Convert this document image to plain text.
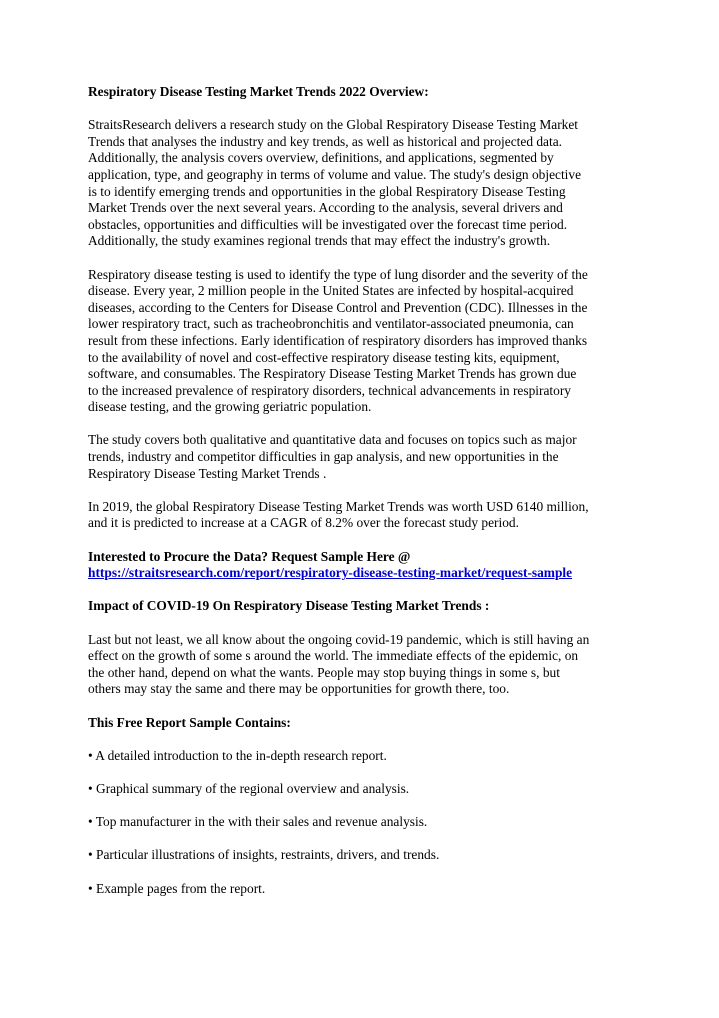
Respiratory Disease Testing Market Trends 2022 Overview:
StraitsResearch delivers a research study on the Global Respiratory Disease Testing Market
Trends that analyses the industry and key trends, as well as historical and projected data.
Additionally, the analysis covers overview, definitions, and applications, segmented by
application, type, and geography in terms of volume and value. The study's design objective
is to identify emerging trends and opportunities in the global Respiratory Disease Testing
Market Trends over the next several years. According to the analysis, several drivers and
obstacles, opportunities and difficulties will be investigated over the forecast time period.
Additionally, the study examines regional trends that may effect the industry's growth.
Respiratory disease testing is used to identify the type of lung disorder and the severity of the
disease. Every year, 2 million people in the United States are infected by hospital-acquired
diseases, according to the Centers for Disease Control and Prevention (CDC). Illnesses in the
lower respiratory tract, such as tracheobronchitis and ventilator-associated pneumonia, can
result from these infections. Early identification of respiratory disorders has improved thanks
to the availability of novel and cost-effective respiratory disease testing kits, equipment,
software, and consumables. The Respiratory Disease Testing Market Trends has grown due
to the increased prevalence of respiratory disorders, technical advancements in respiratory
disease testing, and the growing geriatric population.
The study covers both qualitative and quantitative data and focuses on topics such as major
trends, industry and competitor difficulties in gap analysis, and new opportunities in the
Respiratory Disease Testing Market Trends .
In 2019, the global Respiratory Disease Testing Market Trends was worth USD 6140 million,
and it is predicted to increase at a CAGR of 8.2% over the forecast study period.
Interested to Procure the Data? Request Sample Here @
https://straitsresearch.com/report/respiratory-disease-testing-market/request-sample
Impact of COVID-19 On Respiratory Disease Testing Market Trends :
Last but not least, we all know about the ongoing covid-19 pandemic, which is still having an
effect on the growth of some s around the world. The immediate effects of the epidemic, on
the other hand, depend on what the wants. People may stop buying things in some s, but
others may stay the same and there may be opportunities for growth there, too.
This Free Report Sample Contains:
• A detailed introduction to the in-depth research report.
• Graphical summary of the regional overview and analysis.
• Top manufacturer in the with their sales and revenue analysis.
• Particular illustrations of insights, restraints, drivers, and trends.
• Example pages from the report.
